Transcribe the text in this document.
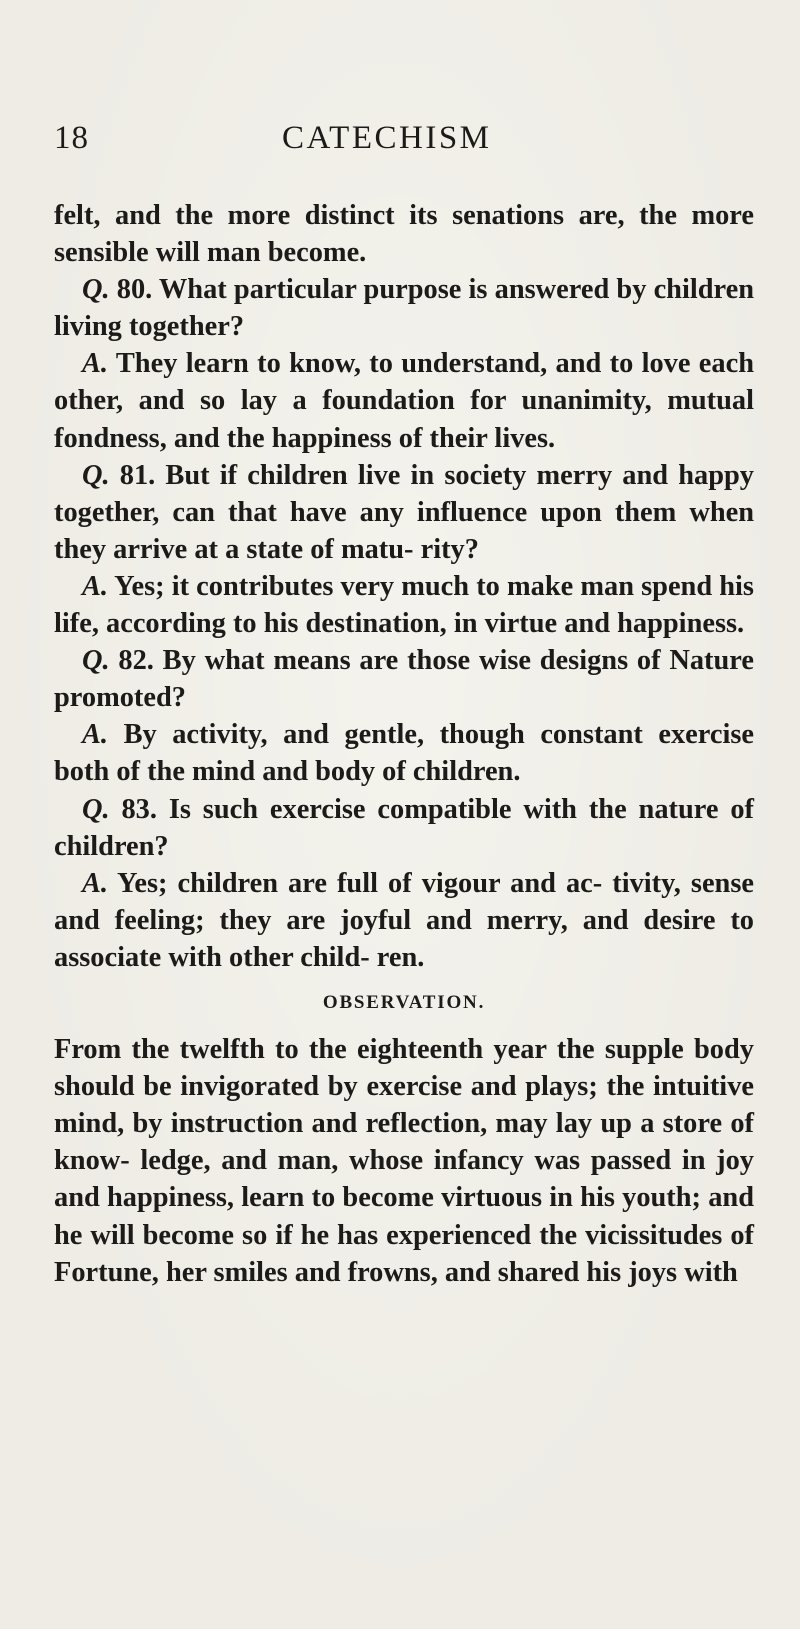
18	CATECHISM

felt, and the more distinct its senations are, the more sensible will man become.

Q. 80. What particular purpose is answered by children living together?

A. They learn to know, to understand, and to love each other, and so lay a foundation for unanimity, mutual fondness, and the happiness of their lives.

Q. 81. But if children live in society merry and happy together, can that have any influence upon them when they arrive at a state of matu- rity?

A. Yes; it contributes very much to make man spend his life, according to his destination, in virtue and happiness.

Q. 82. By what means are those wise designs of Nature promoted?

A. By activity, and gentle, though constant exercise both of the mind and body of children.

Q. 83. Is such exercise compatible with the nature of children?

A. Yes; children are full of vigour and ac- tivity, sense and feeling; they are joyful and merry, and desire to associate with other child- ren.

OBSERVATION.

From the twelfth to the eighteenth year the supple body should be invigorated by exercise and plays; the intuitive mind, by instruction and reflection, may lay up a store of know- ledge, and man, whose infancy was passed in joy and happiness, learn to become virtuous in his youth; and he will become so if he has experienced the vicissitudes of Fortune, her smiles and frowns, and shared his joys with
